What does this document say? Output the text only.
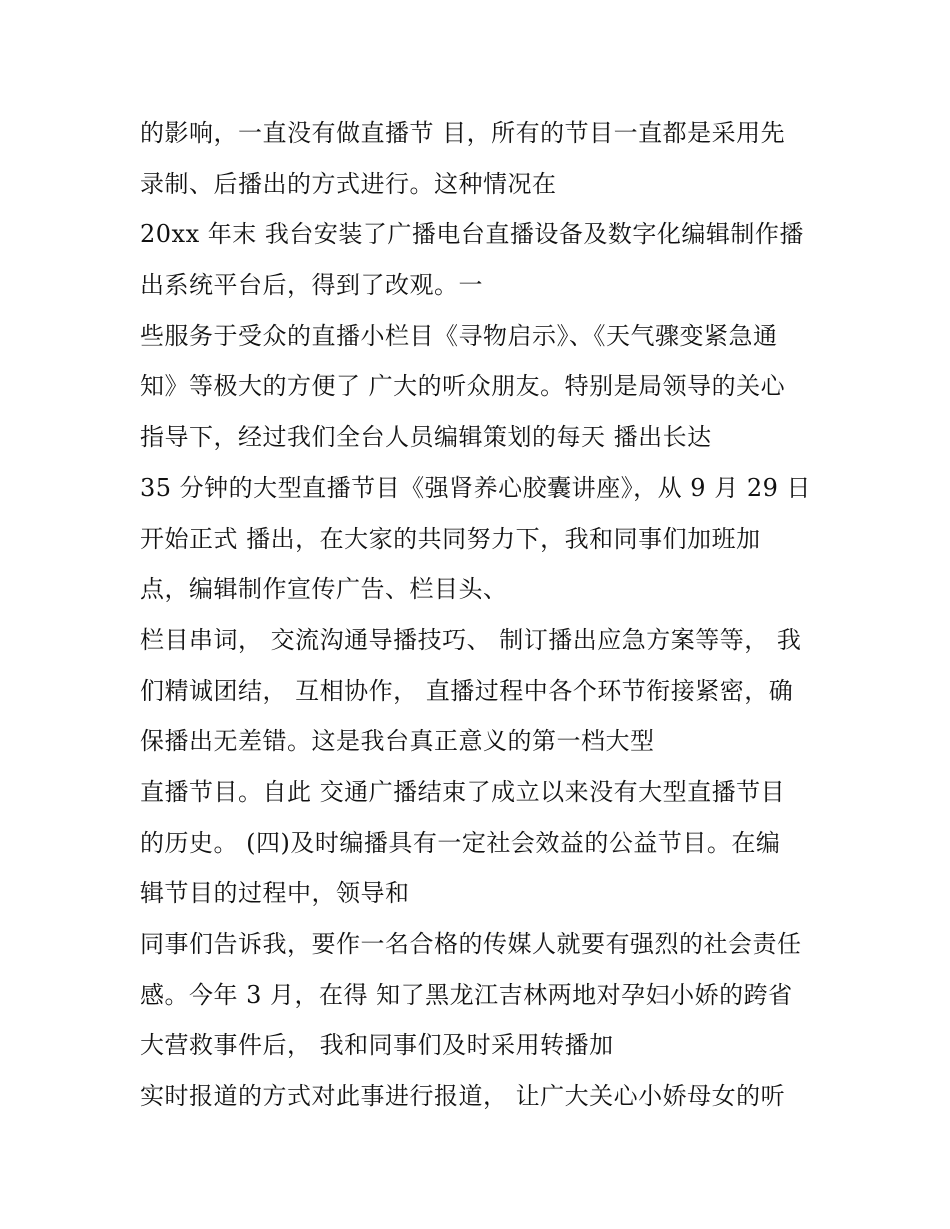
的影响，一直没有做直播节 目，所有的节目一直都是采用先
录制、后播出的方式进行。这种情况在
20xx 年末 我台安装了广播电台直播设备及数字化编辑制作播
出系统平台后，得到了改观。一
些服务于受众的直播小栏目《寻物启示》、《天气骤变紧急通
知》等极大的方便了 广大的听众朋友。特别是局领导的关心
指导下，经过我们全台人员编辑策划的每天 播出长达
35 分钟的大型直播节目《强肾养心胶囊讲座》，从 9 月 29 日
开始正式 播出，在大家的共同努力下，我和同事们加班加
点，编辑制作宣传广告、栏目头、
栏目串词， 交流沟通导播技巧、 制订播出应急方案等等， 我
们精诚团结， 互相协作， 直播过程中各个环节衔接紧密，确
保播出无差错。这是我台真正意义的第一档大型
直播节目。自此 交通广播结束了成立以来没有大型直播节目
的历史。 (四)及时编播具有一定社会效益的公益节目。在编
辑节目的过程中，领导和
同事们告诉我，要作一名合格的传媒人就要有强烈的社会责任
感。今年 3 月，在得 知了黑龙江吉林两地对孕妇小娇的跨省
大营救事件后， 我和同事们及时采用转播加
实时报道的方式对此事进行报道， 让广大关心小娇母女的听
